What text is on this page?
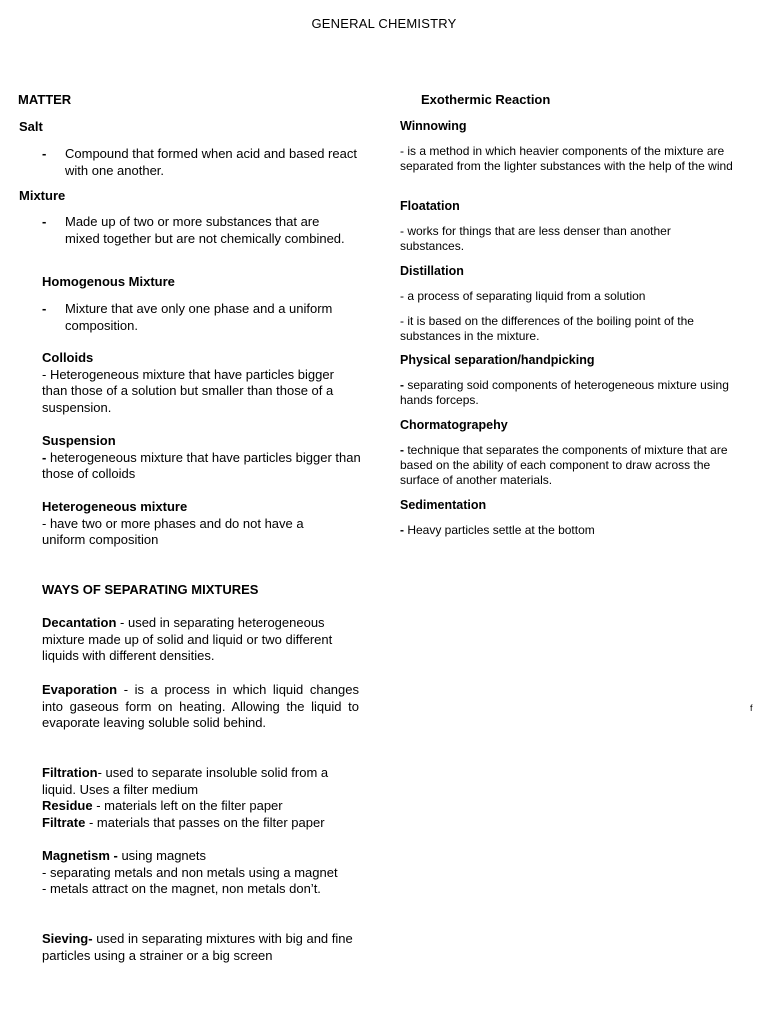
GENERAL CHEMISTRY
MATTER
Salt
- Compound that formed when acid and based react with one another.
Mixture
- Made up of two or more substances that are mixed together but are not chemically combined.
Homogenous Mixture
- Mixture that ave only one phase and a uniform composition.
Colloids
- Heterogeneous mixture that have particles bigger than those of a solution but smaller than those of a suspension.
Suspension
- heterogeneous mixture that have particles bigger than those of colloids
Heterogeneous mixture
- have two or more phases and do not have a uniform composition
WAYS OF SEPARATING MIXTURES
Decantation - used in separating heterogeneous mixture made up of solid and liquid or two different liquids with different densities.
Evaporation - is a process in which liquid changes into gaseous form on heating. Allowing the liquid to evaporate leaving soluble solid behind.
Filtration- used to separate insoluble solid from a liquid. Uses a filter medium
Residue - materials left on the filter paper
Filtrate - materials that passes on the filter paper
Magnetism - using magnets
- separating metals and non metals using a magnet
- metals attract on the magnet, non metals don’t.
Sieving- used in separating mixtures with big and fine particles using a strainer or a big screen
Exothermic Reaction
Winnowing
- is a method in which heavier components of the mixture are separated from the lighter substances with the help of the wind
Floatation
- works for things that are less denser than another substances.
Distillation
- a process of separating liquid from a solution
- it is based on the differences of the boiling point of the substances in the mixture.
Physical separation/handpicking
- separating soid components of heterogeneous mixture using hands forceps.
Chormatograpehy
- technique that separates the components of mixture that are based on the ability of each component to draw across the surface of another materials.
Sedimentation
- Heavy particles settle at the bottom
f
